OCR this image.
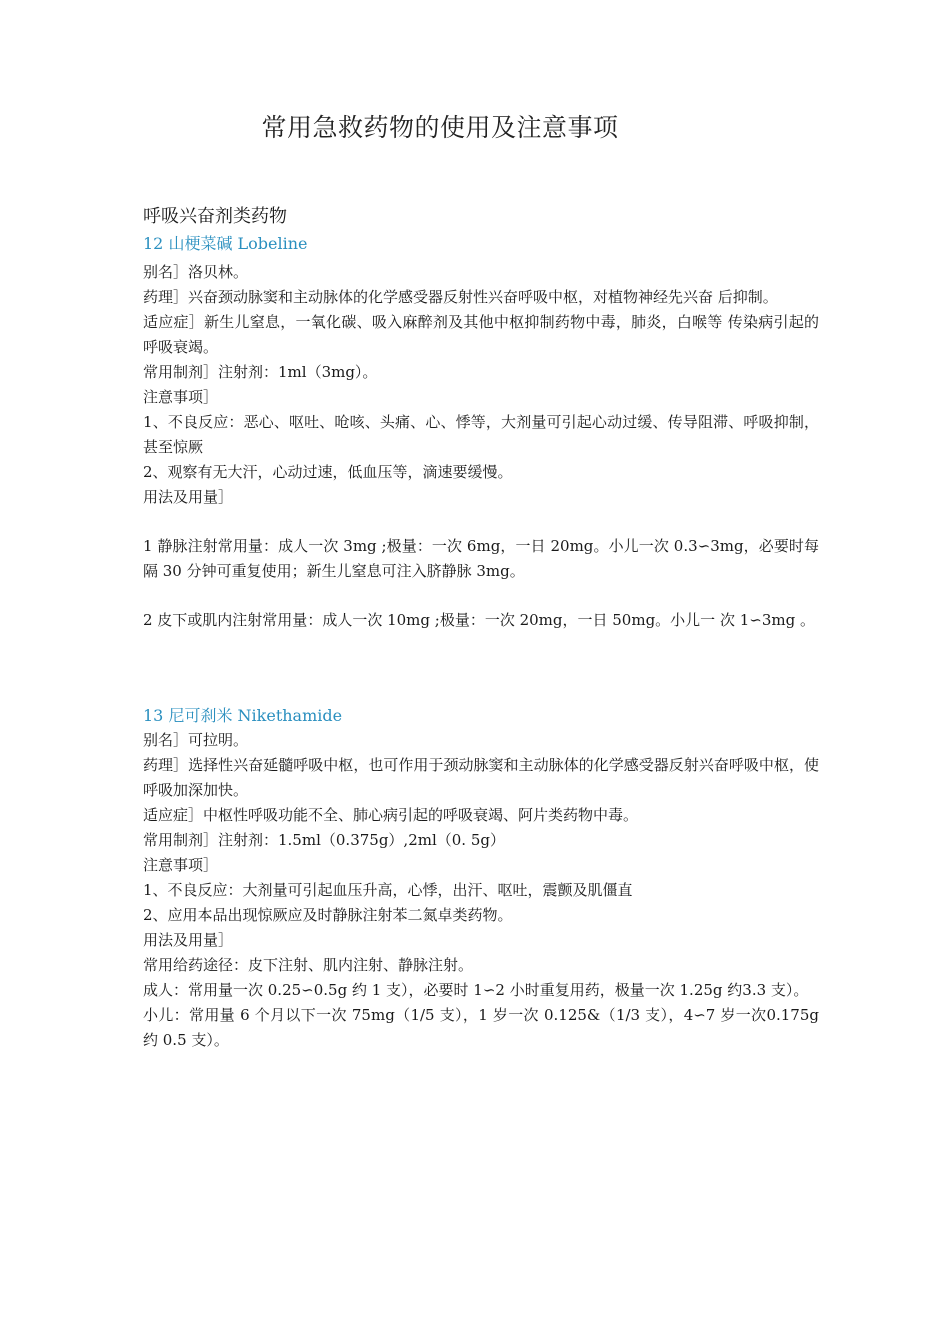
常用急救药物的使用及注意事项
呼吸兴奋剂类药物
12 山梗菜碱 Lobeline

别名］洛贝林。

药理］兴奋颈动脉窦和主动脉体的化学感受器反射性兴奋呼吸中枢，对植物神经先兴奋 后抑制。

适应症］新生儿窒息，一氧化碳、吸入麻醉剂及其他中枢抑制药物中毒，肺炎，白喉等 传染病引起的呼吸衰竭。

常用制剂］注射剂：1ml（3mg）。

注意事项］

1、不良反应：恶心、呕吐、呛咳、头痛、心、悸等，大剂量可引起心动过缓、传导阻滞、呼吸抑制，甚至惊厥

2、观察有无大汗，心动过速，低血压等，滴速要缓慢。

用法及用量］

1 静脉注射常用量：成人一次 3mg ;极量：一次 6mg，一日 20mg。小儿一次 0.3∽3mg，必要时每隔 30 分钟可重复使用；新生儿窒息可注入脐静脉 3mg。

2 皮下或肌内注射常用量：成人一次 10mg ;极量：一次 20mg，一日 50mg。小儿一 次 1∽3mg 。

13 尼可刹米 Nikethamide

别名］可拉明。

药理］选择性兴奋延髓呼吸中枢，也可作用于颈动脉窦和主动脉体的化学感受器反射兴奋呼吸中枢，使呼吸加深加快。

适应症］中枢性呼吸功能不全、肺心病引起的呼吸衰竭、阿片类药物中毒。

常用制剂］注射剂：1.5ml（0.375g）,2ml（0. 5g）

注意事项］

1、不良反应：大剂量可引起血压升高，心悸，出汗、呕吐，震颤及肌僵直

2、应用本品出现惊厥应及时静脉注射苯二氮卓类药物。

用法及用量］

常用给药途径：皮下注射、肌内注射、静脉注射。

成人：常用量一次 0.25∽0.5g 约 1 支），必要时 1∽2 小时重复用药，极量一次 1.25g 约3.3 支）。

小儿：常用量 6 个月以下一次 75mg（1/5 支），1 岁一次 0.125&（1/3 支），4∽7 岁一次0.175g 约 0.5 支）。
